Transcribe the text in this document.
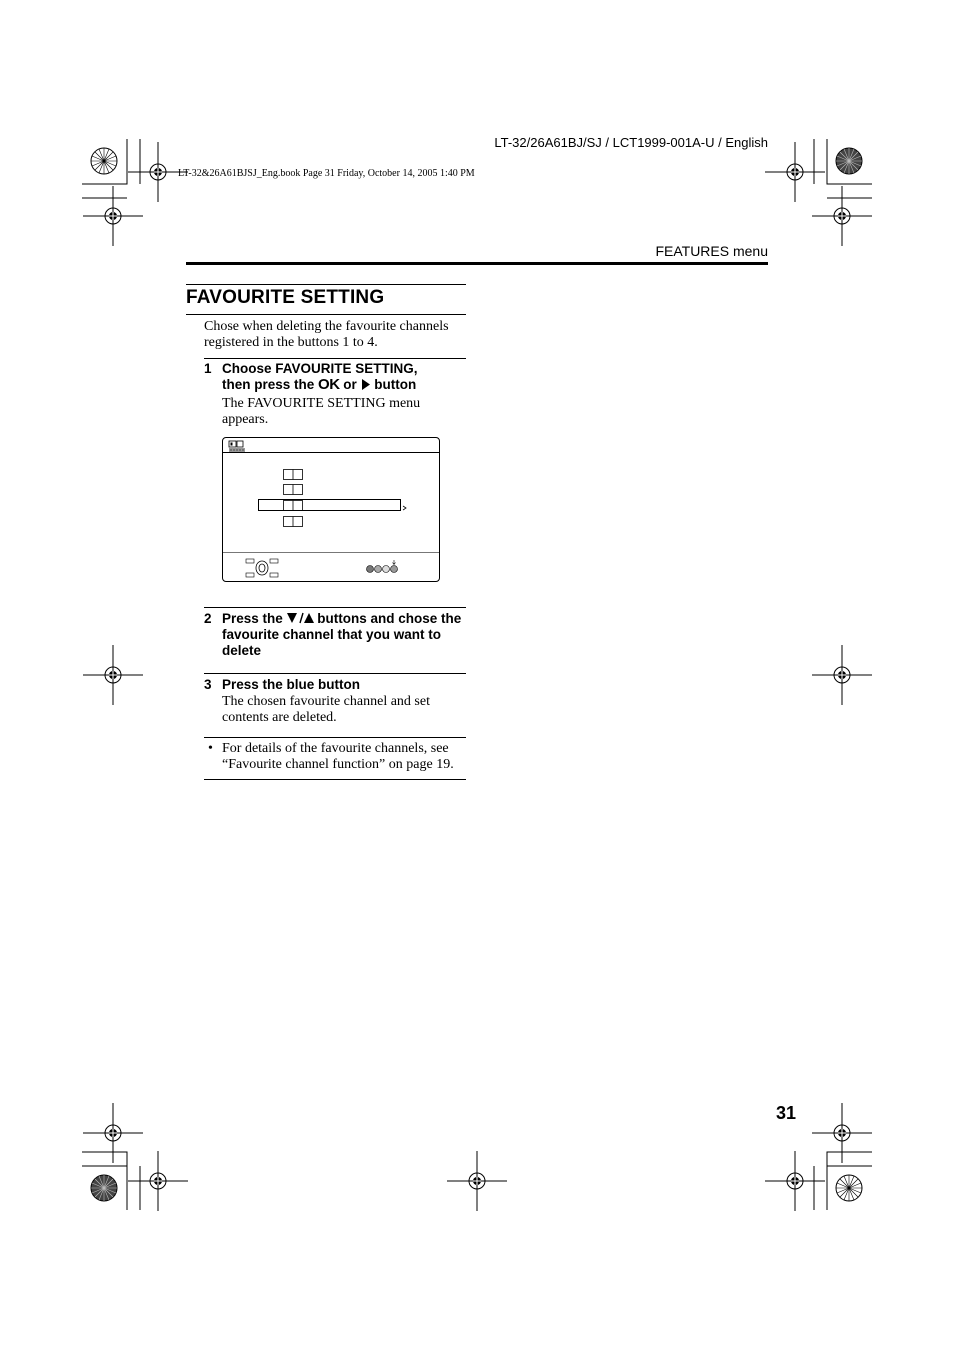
LT-32/26A61BJ/SJ / LCT1999-001A-U / English
LT-32&26A61BJSJ_Eng.book Page 31 Friday, October 14, 2005 1:40 PM
FEATURES menu
FAVOURITE SETTING
Chose when deleting the favourite channels registered in the buttons 1 to 4.
1 Choose FAVOURITE SETTING,
then press the OK or  button
The FAVOURITE SETTING menu appears.
2 Press the  buttons and chose the favourite channel that you want to delete
3 Press the blue button
The chosen favourite channel and set contents are deleted.
• For details of the favourite channels, see “Favourite channel function” on page 19.
31
